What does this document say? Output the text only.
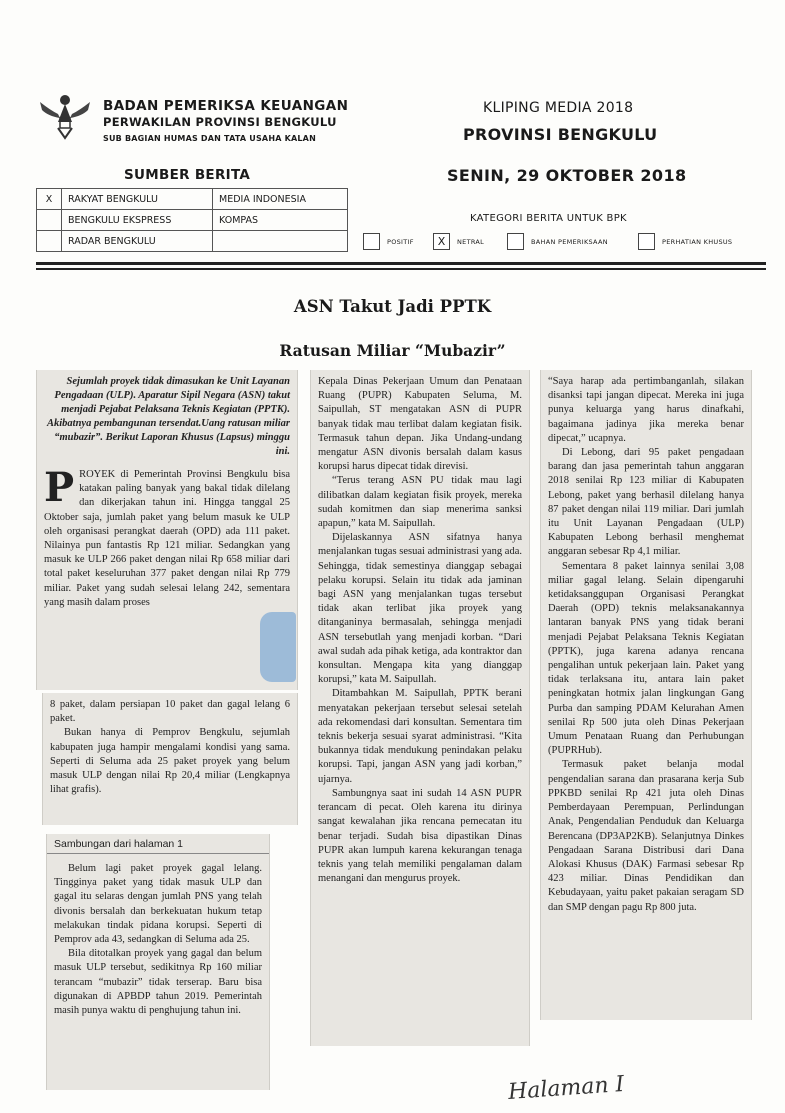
BADAN PEMERIKSA KEUANGAN
PERWAKILAN PROVINSI BENGKULU
SUB BAGIAN HUMAS DAN TATA USAHA KALAN
KLIPING MEDIA 2018
PROVINSI BENGKULU
SENIN, 29 OKTOBER 2018
SUMBER BERITA
X	RAKYAT BENGKULU	MEDIA INDONESIA
	BENGKULU EKSPRESS	KOMPAS
	RADAR BENGKULU	
KATEGORI BERITA UNTUK BPK
POSITIF	X	NETRAL	BAHAN PEMERIKSAAN	PERHATIAN KHUSUS
ASN Takut Jadi PPTK
Ratusan Miliar “Mubazir”

Sejumlah proyek tidak dimasukan ke Unit Layanan Pengadaan (ULP). Aparatur Sipil Negara (ASN) takut menjadi Pejabat Pelaksana Teknis Kegiatan (PPTK). Akibatnya pembangunan tersendat.Uang ratusan miliar “mubazir”. Berikut Laporan Khusus (Lapsus) minggu ini.

P ROYEK di Pemerintah Provinsi Bengkulu bisa katakan paling banyak yang bakal tidak dilelang dan dikerjakan tahun ini. Hingga tanggal 25 Oktober saja, jumlah paket yang belum masuk ke ULP oleh organisasi perangkat daerah (OPD) ada 111 paket. Nilainya pun fantastis Rp 121 miliar. Sedangkan yang masuk ke ULP 266 paket dengan nilai Rp 658 miliar dari total paket keseluruhan 377 paket dengan nilai Rp 779 miliar. Paket yang sudah selesai lelang 242, sementara yang masih dalam proses

8 paket, dalam persiapan 10 paket dan gagal lelang 6 paket.

Bukan hanya di Pemprov Bengkulu, sejumlah kabupaten juga hampir mengalami kondisi yang sama. Seperti di Seluma ada 25 paket proyek yang belum masuk ULP dengan nilai Rp 20,4 miliar (Lengkapnya lihat grafis).

Sambungan dari halaman 1

Belum lagi paket proyek gagal lelang. Tingginya paket yang tidak masuk ULP dan gagal itu selaras dengan jumlah PNS yang telah divonis bersalah dan berkekuatan hukum tetap melakukan tindak pidana korupsi. Seperti di Pemprov ada 43, sedangkan di Seluma ada 25.

Bila ditotalkan proyek yang gagal dan belum masuk ULP tersebut, sedikitnya Rp 160 miliar terancam “mubazir” tidak terserap. Baru bisa digunakan di APBDP tahun 2019. Pemerintah masih punya waktu di penghujung tahun ini.

Kepala Dinas Pekerjaan Umum dan Penataan Ruang (PUPR) Kabupaten Seluma, M. Saipullah, ST mengatakan ASN di PUPR banyak tidak mau terlibat dalam kegiatan fisik. Termasuk tahun depan. Jika Undang-undang mengatur ASN divonis bersalah dalam kasus korupsi harus dipecat tidak direvisi.

“Terus terang ASN PU tidak mau lagi dilibatkan dalam kegiatan fisik proyek, mereka sudah komitmen dan siap menerima sanksi apapun,” kata M. Saipullah.

Dijelaskannya ASN sifatnya hanya menjalankan tugas sesuai administrasi yang ada. Sehingga, tidak semestinya dianggap sebagai pelaku korupsi. Selain itu tidak ada jaminan bagi ASN yang menjalankan tugas tersebut tidak akan terlibat jika proyek yang ditanganinya bermasalah, sehingga menjadi ASN tersebutlah yang menjadi korban. “Dari awal sudah ada pihak ketiga, ada kontraktor dan konsultan. Mengapa kita yang dianggap korupsi,” kata M. Saipullah.

Ditambahkan M. Saipullah, PPTK berani menyatakan pekerjaan tersebut selesai setelah ada rekomendasi dari konsultan. Sementara tim teknis bekerja sesuai syarat administrasi. “Kita bukannya tidak mendukung penindakan pelaku korupsi. Tapi, jangan ASN yang jadi korban,” ujarnya.

Sambungnya saat ini sudah 14 ASN PUPR terancam di pecat. Oleh karena itu dirinya sangat kewalahan jika rencana pemecatan itu benar terjadi. Sudah bisa dipastikan Dinas PUPR akan lumpuh karena kekurangan tenaga teknis yang telah memiliki pengalaman dalam menangani dan mengurus proyek.

“Saya harap ada pertimbanganlah, silakan disanksi tapi jangan dipecat. Mereka ini juga punya keluarga yang harus dinafkahi, bagaimana jadinya jika mereka benar dipecat,” ucapnya.

Di Lebong, dari 95 paket pengadaan barang dan jasa pemerintah tahun anggaran 2018 senilai Rp 123 miliar di Kabupaten Lebong, paket yang berhasil dilelang hanya 87 paket dengan nilai 119 miliar. Dari jumlah itu Unit Layanan Pengadaan (ULP) Kabupaten Lebong berhasil menghemat anggaran sebesar Rp 4,1 miliar.

Sementara 8 paket lainnya senilai 3,08 miliar gagal lelang. Selain dipengaruhi ketidaksanggupan Organisasi Perangkat Daerah (OPD) teknis melaksanakannya lantaran banyak PNS yang tidak berani menjadi Pejabat Pelaksana Teknis Kegiatan (PPTK), juga karena adanya rencana pengalihan untuk pekerjaan lain. Paket yang tidak terlaksana itu, antara lain paket peningkatan hotmix jalan lingkungan Gang Purba dan samping PDAM Kelurahan Amen senilai Rp 500 juta oleh Dinas Pekerjaan Umum Penataan Ruang dan Perhubungan (PUPRHub).

Termasuk paket belanja modal pengendalian sarana dan prasarana kerja Sub PPKBD senilai Rp 421 juta oleh Dinas Pemberdayaan Perempuan, Perlindungan Anak, Pengendalian Penduduk dan Keluarga Berencana (DP3AP2KB). Selanjutnya Dinkes Pengadaan Sarana Distribusi dari Dana Alokasi Khusus (DAK) Farmasi sebesar Rp 423 miliar. Dinas Pendidikan dan Kebudayaan, yaitu paket pakaian seragam SD dan SMP dengan pagu Rp 800 juta.

Halaman I
